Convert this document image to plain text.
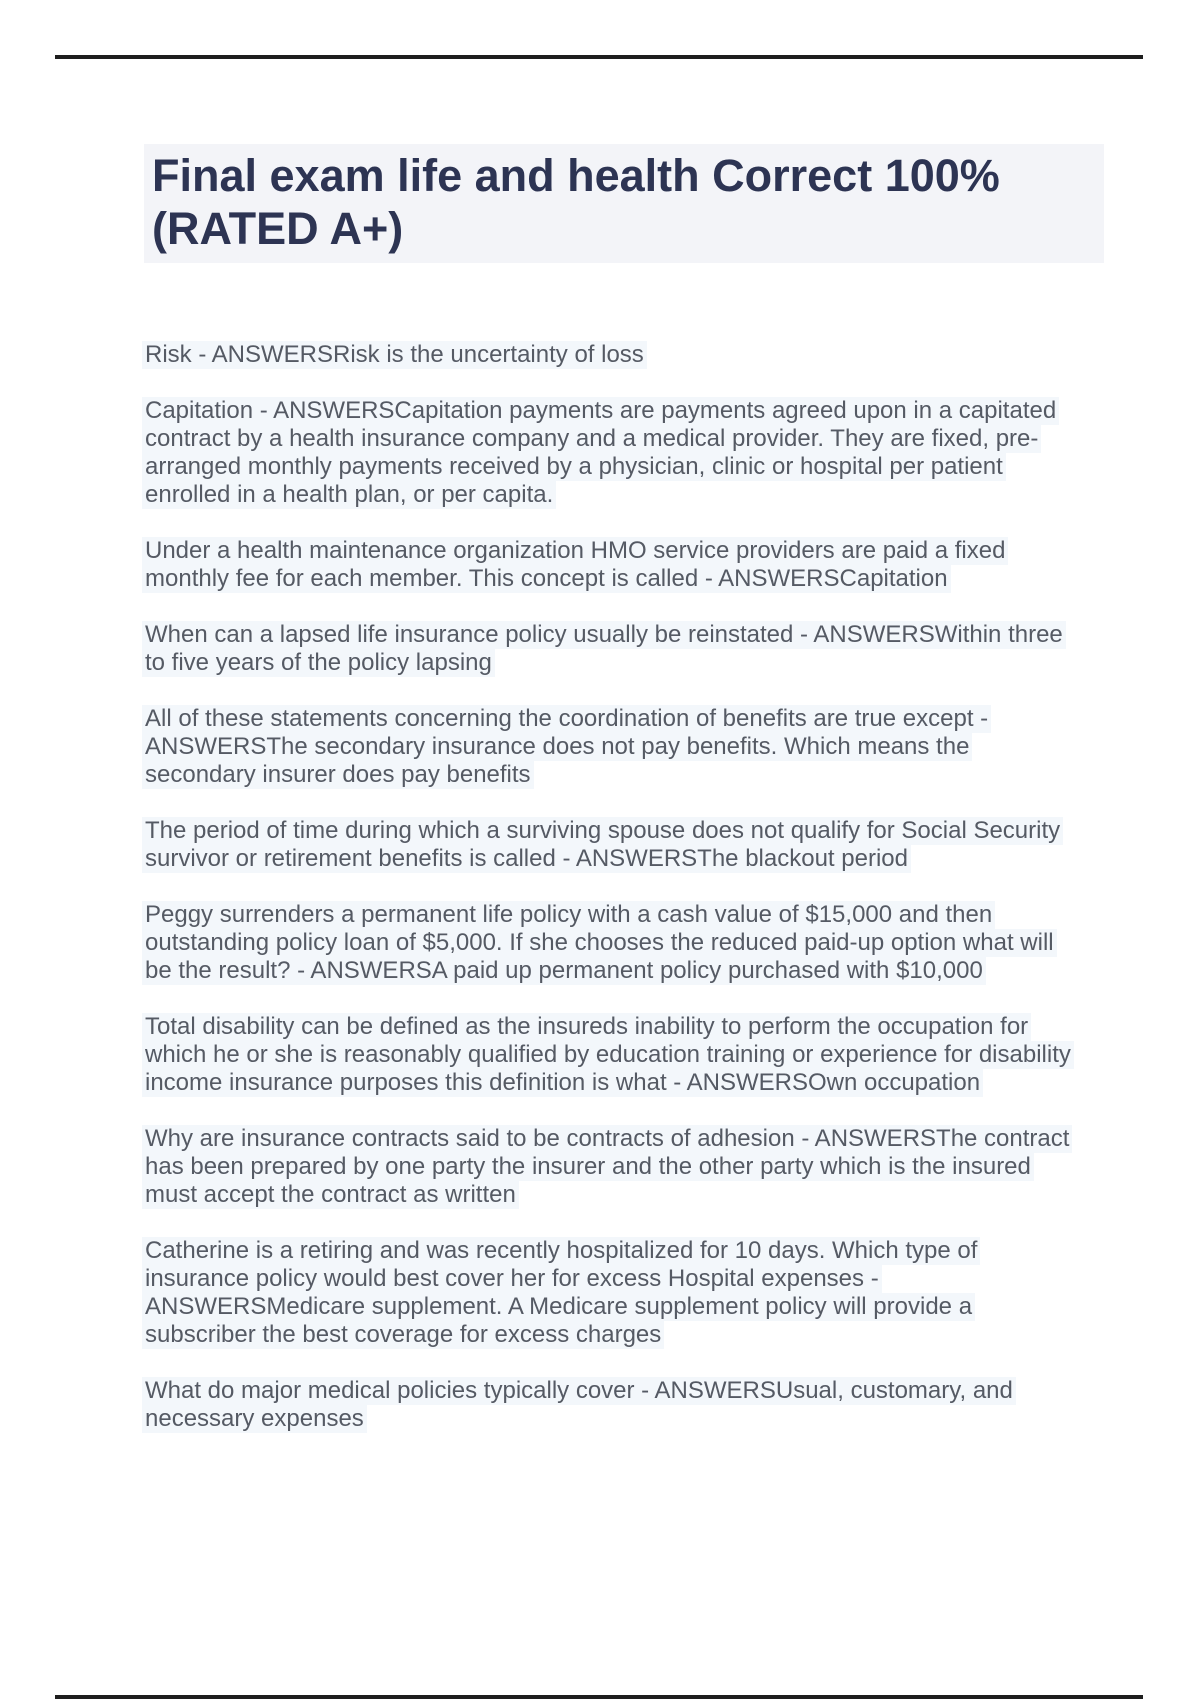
Final exam life and health Correct 100% (RATED A+)

Risk - ANSWERSRisk is the uncertainty of loss

Capitation - ANSWERSCapitation payments are payments agreed upon in a capitated contract by a health insurance company and a medical provider. They are fixed, pre-arranged monthly payments received by a physician, clinic or hospital per patient enrolled in a health plan, or per capita.

Under a health maintenance organization HMO service providers are paid a fixed monthly fee for each member. This concept is called - ANSWERSCapitation

When can a lapsed life insurance policy usually be reinstated - ANSWERSWithin three to five years of the policy lapsing

All of these statements concerning the coordination of benefits are true except - ANSWERSThe secondary insurance does not pay benefits. Which means the secondary insurer does pay benefits

The period of time during which a surviving spouse does not qualify for Social Security survivor or retirement benefits is called - ANSWERSThe blackout period

Peggy surrenders a permanent life policy with a cash value of $15,000 and then outstanding policy loan of $5,000. If she chooses the reduced paid-up option what will be the result? - ANSWERSA paid up permanent policy purchased with $10,000

Total disability can be defined as the insureds inability to perform the occupation for which he or she is reasonably qualified by education training or experience for disability income insurance purposes this definition is what - ANSWERSOwn occupation

Why are insurance contracts said to be contracts of adhesion - ANSWERSThe contract has been prepared by one party the insurer and the other party which is the insured must accept the contract as written

Catherine is a retiring and was recently hospitalized for 10 days. Which type of insurance policy would best cover her for excess Hospital expenses - ANSWERSMedicare supplement. A Medicare supplement policy will provide a subscriber the best coverage for excess charges

What do major medical policies typically cover - ANSWERSUsual, customary, and necessary expenses
